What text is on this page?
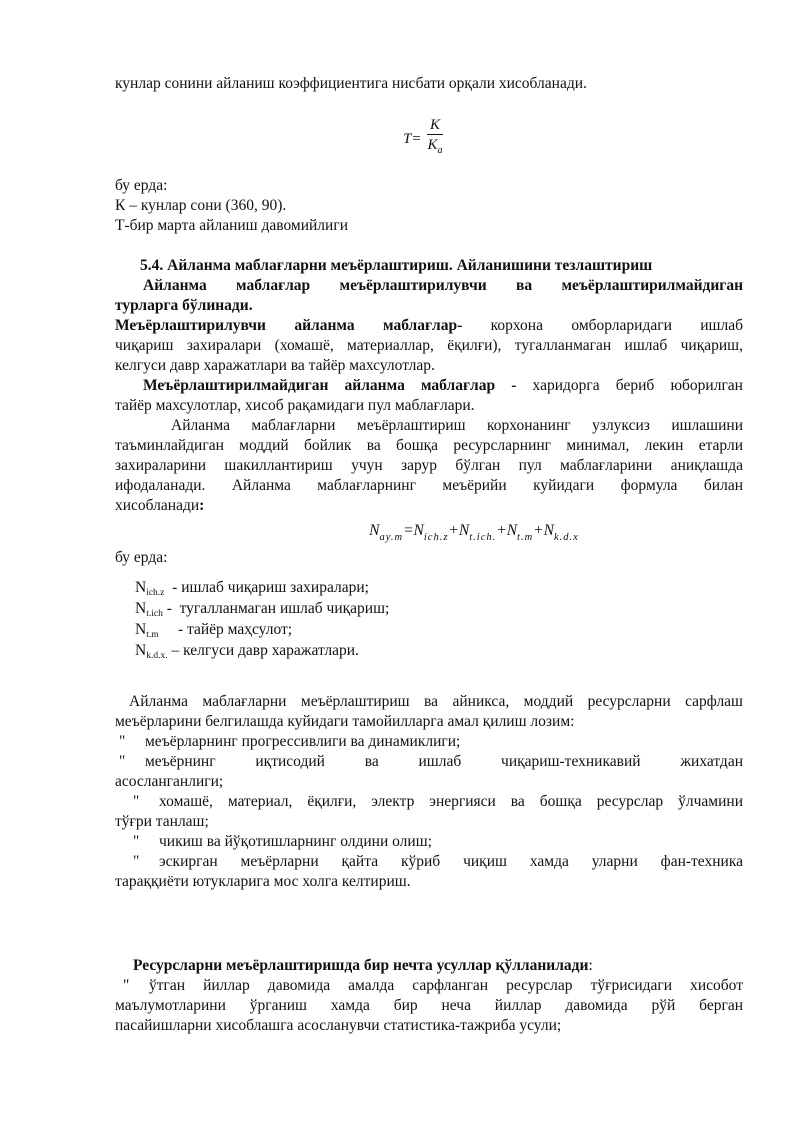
кунлар сонини айланиш коэффициентига нисбати орқали хисобланади.

$T = \frac{K}{K_a}$

бу ерда:

К – кунлар сони (360, 90).

Т-бир марта айланиш давомийлиги

5.4. Айланма маблағларни меъёрлаштириш. Айланишини тезлаштириш

Айланма маблағлар меъёрлаштирилувчи ва меъёрлаштирилмайдиган

турларга бўлинади.

Меъёрлаштирилувчи айланма маблағлар- корхона омборларидаги ишлаб

чиқариш захиралари (хомашё, материаллар, ёқилғи), тугалланмаган ишлаб чиқариш,

келгуси давр харажатлари ва тайёр махсулотлар.

Меъёрлаштирилмайдиган айланма маблағлар - харидорга бериб юборилган

тайёр махсулотлар, хисоб рақамидаги пул маблағлари.

Айланма маблағларни меъёрлаштириш корхонанинг узлуксиз ишлашини

таъминлайдиган моддий бойлик ва бошқа ресурсларнинг минимал, лекин етарли

захираларини шакиллантириш учун зарур бўлган пул маблағларини аниқлашда

ифодаланади. Айланма маблағларнинг меъёрийи куйидаги формула билан

хисобланади:

$N_{ay.m}=N_{ich.z}+N_{t.ich.}+N_{t.m}+N_{k.d.x}$

бу ерда:

Nich.z  - ишлаб чиқариш захиралари;

Nt.ich -  тугалланмаган ишлаб чиқариш;

Nt.m     - тайёр маҳсулот;

Nk.d.x. – келгуси давр харажатлари.

Айланма маблағларни меъёрлаштириш ва айникса, моддий ресурсларни сарфлаш

меъёрларини белгилашда куйидаги тамойилларга амал қилиш лозим:

" меъёрларнинг прогрессивлиги ва динамиклиги;

" меъёрнинг иқтисодий ва ишлаб чиқариш-техникавий жихатдан

асосланганлиги;

" хомашё, материал, ёқилғи, электр энергияси ва бошқа ресурслар ўлчамини

тўғри танлаш;

" чикиш ва йўқотишларнинг олдини олиш;

" эскирган меъёрларни қайта кўриб чиқиш хамда уларни фан-техника

тараққиёти ютукларига мос холга келтириш.

Ресурсларни меъёрлаштиришда бир нечта усуллар қўлланилади:

" ўтган йиллар давомида амалда сарфланган ресурслар тўғрисидаги хисобот

маълумотларини ўрганиш хамда бир неча йиллар давомида рўй берган

пасайишларни хисоблашга асосланувчи статистика-тажриба усули;
